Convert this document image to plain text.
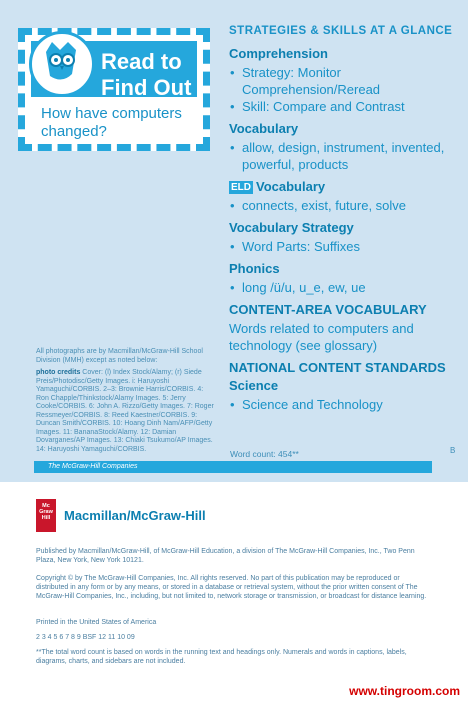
Read to
Find Out
How have computers changed?
STRATEGIES & SKILLS AT A GLANCE
Comprehension
• Strategy: Monitor Comprehension/Reread
• Skill: Compare and Contrast
Vocabulary
• allow, design, instrument, invented, powerful, products
ELD Vocabulary
• connects, exist, future, solve
Vocabulary Strategy
• Word Parts: Suffixes
Phonics
• long /ü/u, u_e, ew, ue
CONTENT-AREA VOCABULARY
Words related to computers and technology (see glossary)
NATIONAL CONTENT STANDARDS
Science
• Science and Technology
All photographs are by Macmillan/McGraw-Hill School Division (MMH) except as noted below:
photo credits Cover: (l) Index Stock/Alamy; (r) Siede Preis/Photodisc/Getty Images. i: Haruyoshi Yamaguchi/CORBIS. 2–3: Brownie Harris/CORBIS. 4: Ron Chapple/Thinkstock/Alamy Images. 5: Jerry Cooke/CORBIS. 6: John A. Rizzo/Getty Images. 7: Roger Ressmeyer/CORBIS. 8: Reed Kaestner/CORBIS. 9: Duncan Smith/CORBIS. 10: Hoang Dinh Nam/AFP/Getty Images. 11: BananaStock/Alamy. 12: Damian Dovarganes/AP Images. 13: Chiaki Tsukumo/AP Images. 14: Haruyoshi Yamaguchi/CORBIS.	Word count: 454**	B
The McGraw-Hill Companies
Mc Graw Hill	Macmillan/McGraw-Hill
Published by Macmillan/McGraw-Hill, of McGraw-Hill Education, a division of The McGraw-Hill Companies, Inc., Two Penn Plaza, New York, New York 10121.
Copyright © by The McGraw-Hill Companies, Inc. All rights reserved. No part of this publication may be reproduced or distributed in any form or by any means, or stored in a database or retrieval system, without the prior written consent of The McGraw-Hill Companies, Inc., including, but not limited to, network storage or transmission, or broadcast for distance learning.
Printed in the United States of America
2 3 4 5 6 7 8 9 BSF 12 11 10 09
**The total word count is based on words in the running text and headings only. Numerals and words in captions, labels, diagrams, charts, and sidebars are not included.
www.tingroom.com
